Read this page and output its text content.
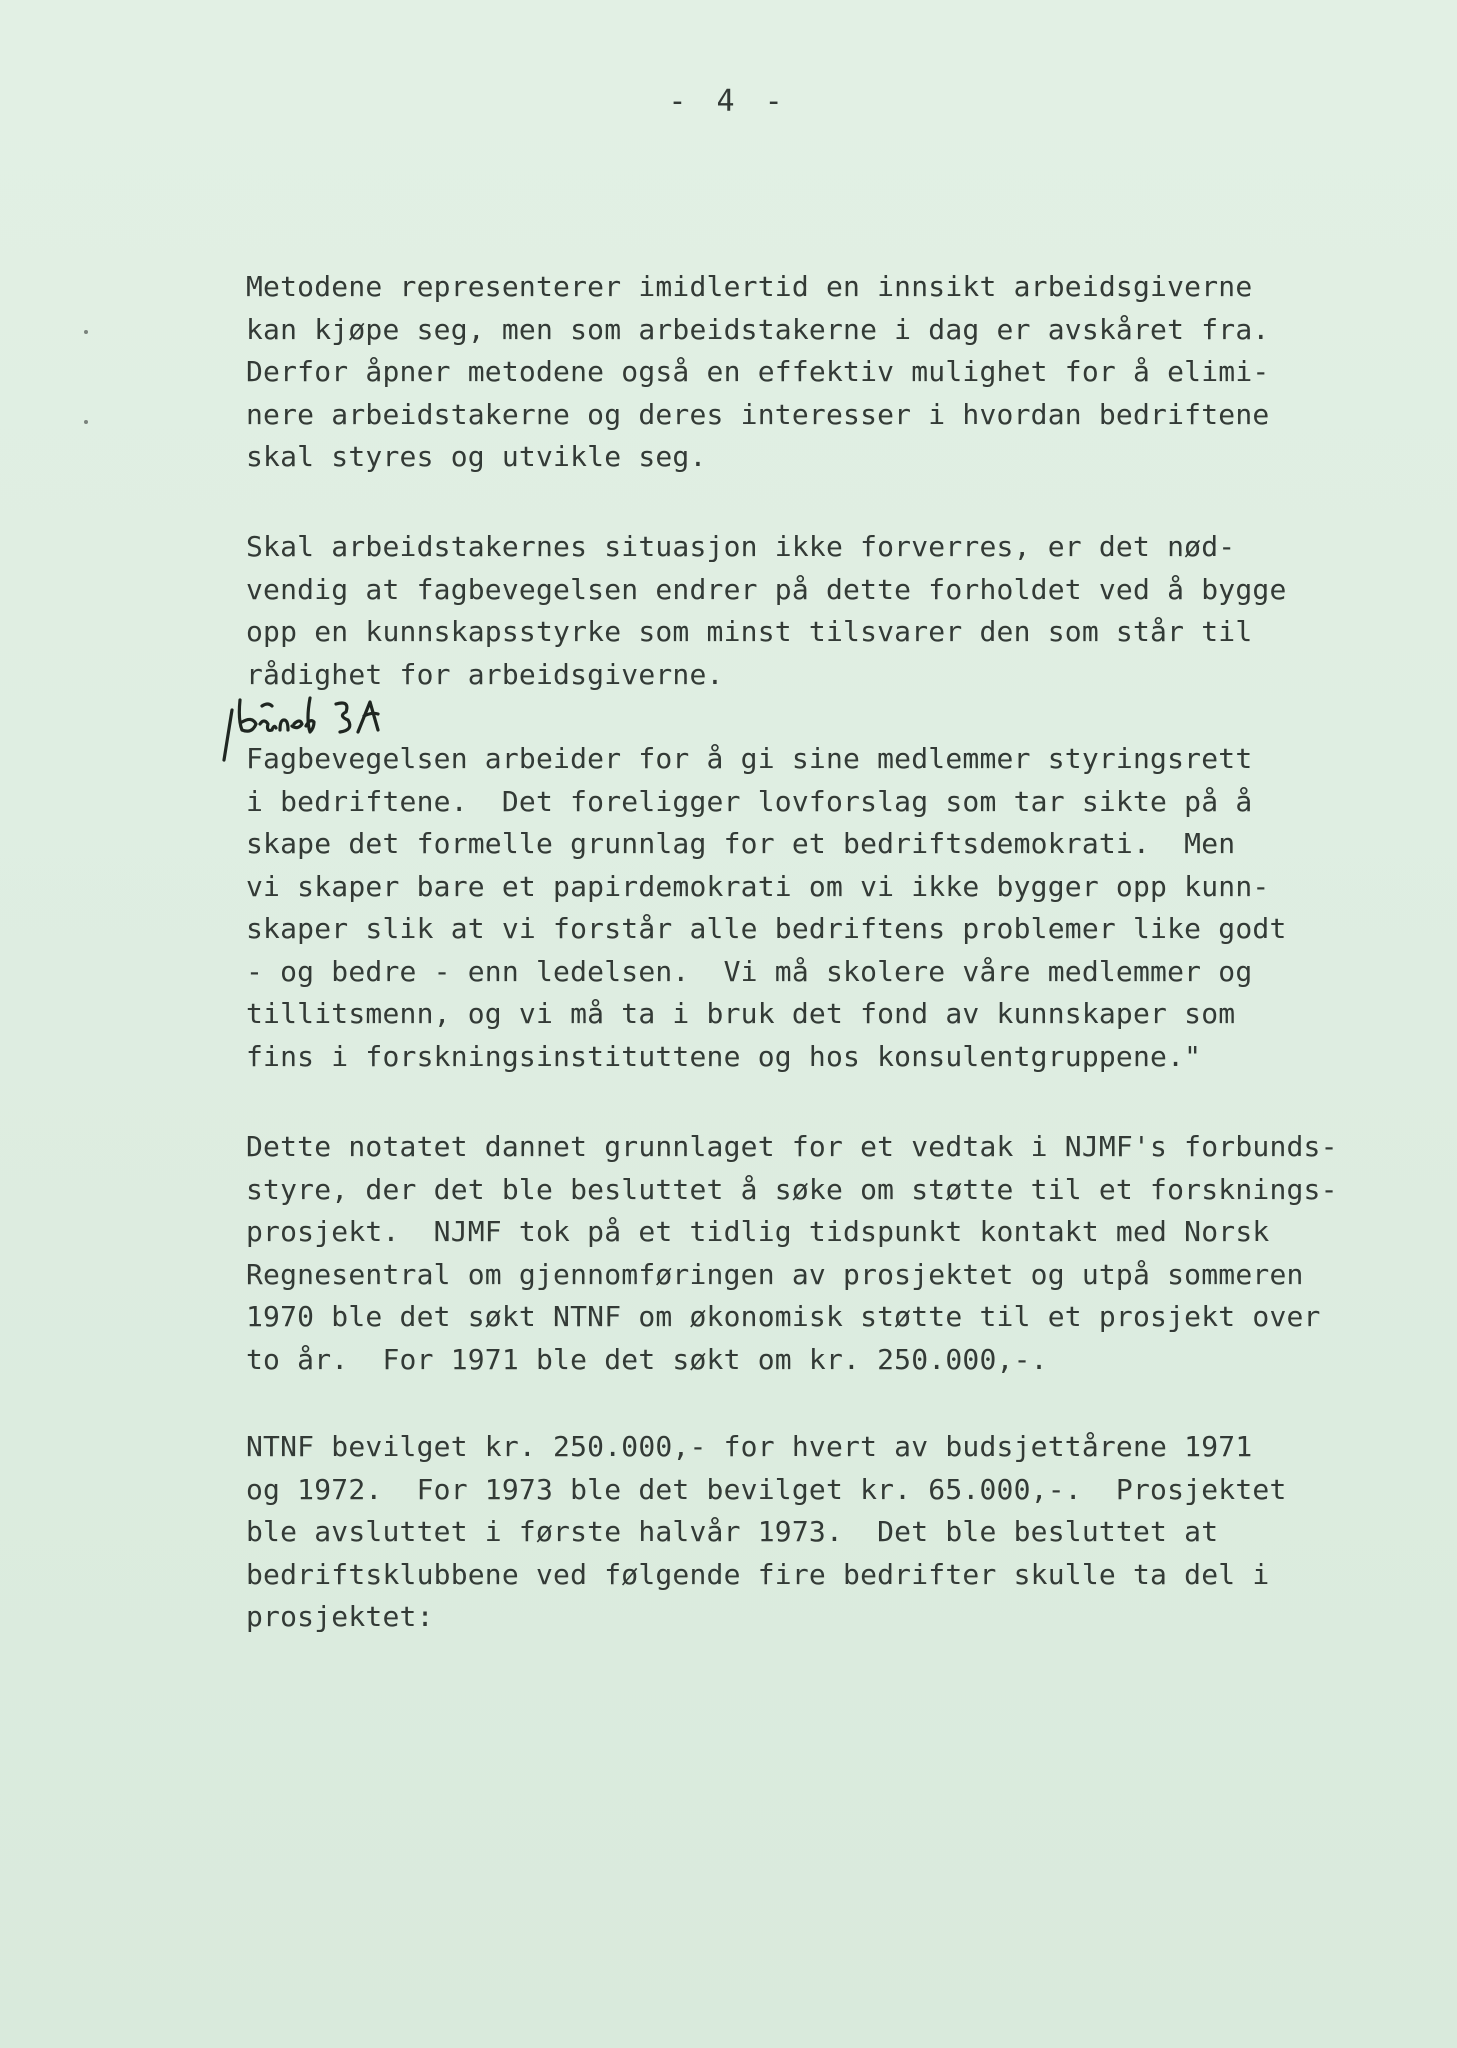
- 4 -
Metodene representerer imidlertid en innsikt arbeidsgiverne
kan kjøpe seg, men som arbeidstakerne i dag er avskåret fra.
Derfor åpner metodene også en effektiv mulighet for å elimi-
nere arbeidstakerne og deres interesser i hvordan bedriftene
skal styres og utvikle seg.
Skal arbeidstakernes situasjon ikke forverres, er det nød-
vendig at fagbevegelsen endrer på dette forholdet ved å bygge
opp en kunnskapsstyrke som minst tilsvarer den som står til
rådighet for arbeidsgiverne.
Fagbevegelsen arbeider for å gi sine medlemmer styringsrett
i bedriftene.  Det foreligger lovforslag som tar sikte på å
skape det formelle grunnlag for et bedriftsdemokrati.  Men
vi skaper bare et papirdemokrati om vi ikke bygger opp kunn-
skaper slik at vi forstår alle bedriftens problemer like godt
- og bedre - enn ledelsen.  Vi må skolere våre medlemmer og
tillitsmenn, og vi må ta i bruk det fond av kunnskaper som
fins i forskningsinstituttene og hos konsulentgruppene."
Dette notatet dannet grunnlaget for et vedtak i NJMF's forbunds-
styre, der det ble besluttet å søke om støtte til et forsknings-
prosjekt.  NJMF tok på et tidlig tidspunkt kontakt med Norsk
Regnesentral om gjennomføringen av prosjektet og utpå sommeren
1970 ble det søkt NTNF om økonomisk støtte til et prosjekt over
to år.  For 1971 ble det søkt om kr. 250.000,-.
NTNF bevilget kr. 250.000,- for hvert av budsjettårene 1971
og 1972.  For 1973 ble det bevilget kr. 65.000,-.  Prosjektet
ble avsluttet i første halvår 1973.  Det ble besluttet at
bedriftsklubbene ved følgende fire bedrifter skulle ta del i
prosjektet:
